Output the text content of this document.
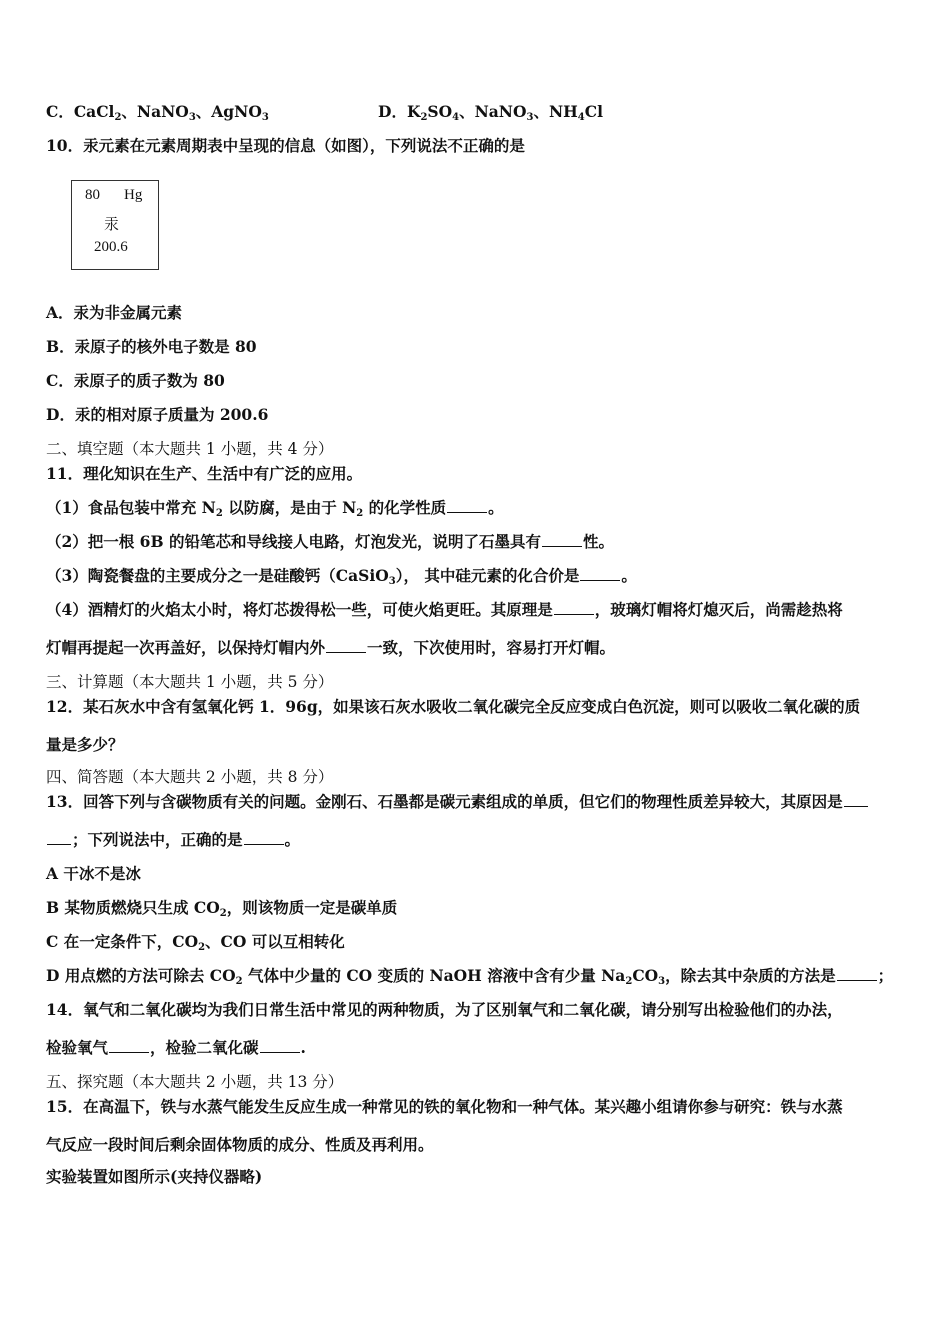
C．CaCl$_2$、NaNO$_3$、AgNO$_3$	D．$K_2SO_4$、NaNO$_3$、$NH_4Cl$
10．汞元素在元素周期表中呈现的信息（如图），下列说法不正确的是
80 Hg
汞
200.6
A．汞为非金属元素
B．汞原子的核外电子数是 80
C．汞原子的质子数为 80
D．汞的相对原子质量为 200.6
二、填空题（本大题共 1 小题，共 4 分）
11．理化知识在生产、生活中有广泛的应用。
（1）食品包装中常充 $N_2$ 以防腐，是由于 $N_2$ 的化学性质	。
（2）把一根 6B 的铅笔芯和导线接人电路，灯泡发光，说明了石墨具有	性。
（3）陶瓷餐盘的主要成分之一是硅酸钙（CaSiO$_3$）， 其中硅元素的化合价是	。
（4）酒精灯的火焰太小时，将灯芯拨得松一些，可使火焰更旺。其原理是	，玻璃灯帽将灯熄灭后，尚需趁热将
灯帽再提起一次再盖好，以保持灯帽内外	一致，下次使用时，容易打开灯帽。
三、计算题（本大题共 1 小题，共 5 分）
12．某石灰水中含有氢氧化钙 1．96g，如果该石灰水吸收二氧化碳完全反应变成白色沉淀，则可以吸收二氧化碳的质
量是多少？
四、简答题（本大题共 2 小题，共 8 分）
13．回答下列与含碳物质有关的问题。金刚石、石墨都是碳元素组成的单质，但它们的物理性质差异较大，其原因是
；下列说法中，正确的是	。
A 干冰不是冰
B 某物质燃烧只生成 $CO_2$，则该物质一定是碳单质
C 在一定条件下，$CO_2$、CO 可以互相转化
D 用点燃的方法可除去 $CO_2$ 气体中少量的 CO 变质的 NaOH 溶液中含有少量 $Na_2CO_3$，除去其中杂质的方法是	；
14．氧气和二氧化碳均为我们日常生活中常见的两种物质，为了区别氧气和二氧化碳，请分别写出检验他们的办法，
检验氧气	，检验二氧化碳	.
五、探究题（本大题共 2 小题，共 13 分）
15．在高温下，铁与水蒸气能发生反应生成一种常见的铁的氧化物和一种气体。某兴趣小组请你参与研究：铁与水蒸
气反应一段时间后剩余固体物质的成分、性质及再利用。
实验装置如图所示(夹持仪器略)
